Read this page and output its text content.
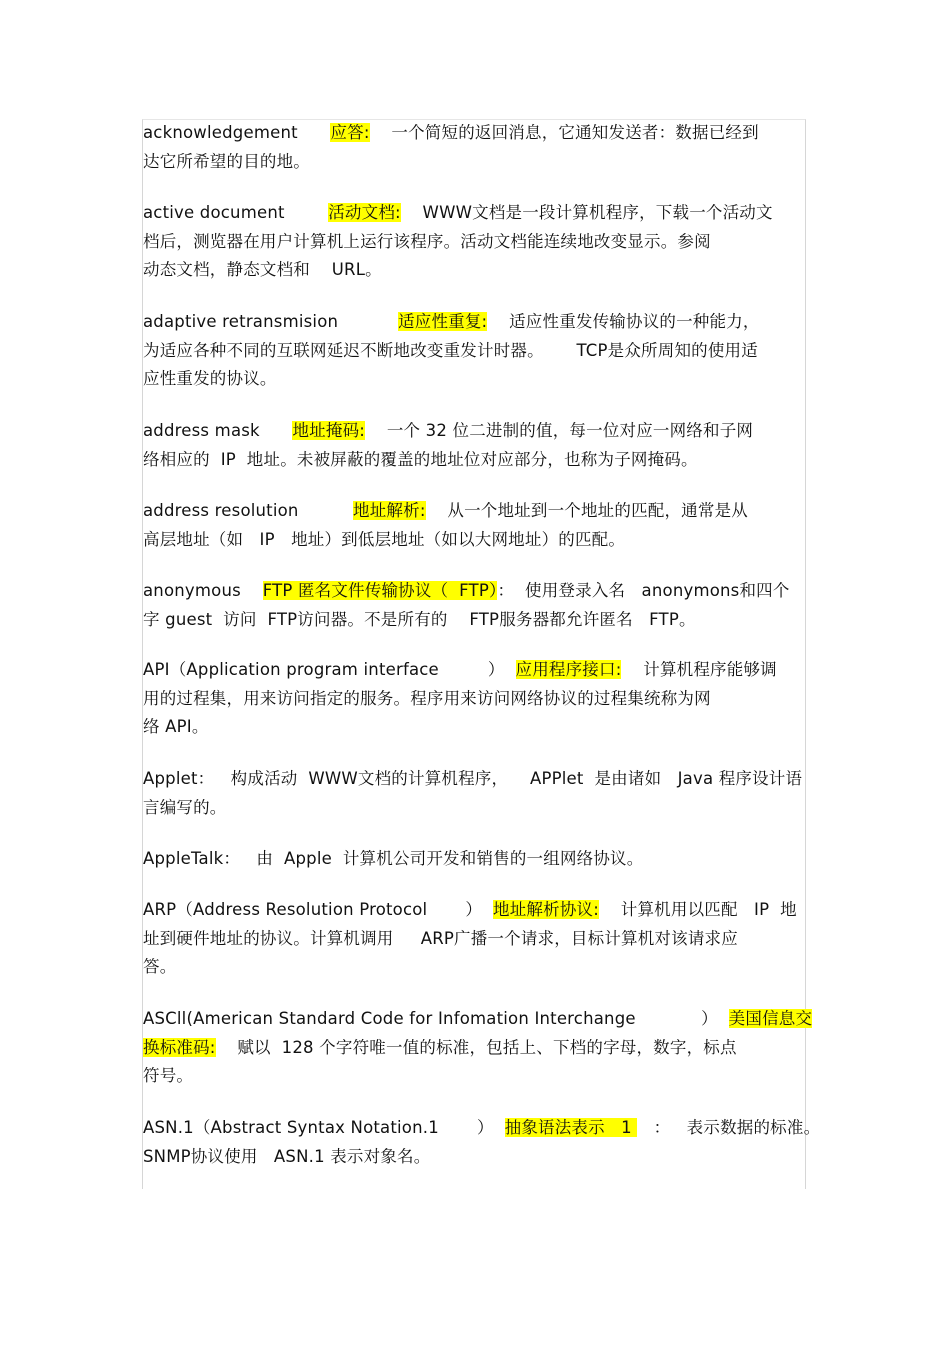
acknowledgement      应答:    一个简短的返回消息，它通知发送者：数据已经到
达它所希望的目的地。
active document        活动文档:    WWW文档是一段计算机程序，下载一个活动文
档后，测览器在用户计算机上运行该程序。活动文档能连续地改变显示。参阅
动态文档，静态文档和    URL。
adaptive retransmision           适应性重复:    适应性重发传输协议的一种能力，
为适应各种不同的互联网延迟不断地改变重发计时器。      TCP是众所周知的使用适
应性重发的协议。
address mask      地址掩码:    一个 32 位二进制的值，每一位对应一网络和子网
络相应的  IP  地址。未被屏蔽的覆盖的地址位对应部分，也称为子网掩码。
address resolution          地址解析:    从一个地址到一个地址的匹配，通常是从
高层地址（如   IP   地址）到低层地址（如以大网地址）的匹配。
anonymous    FTP 匿名文件传输协议（  FTP）：  使用登录入名   anonymons和四个
字 guest  访问  FTP访问器。不是所有的    FTP服务器都允许匿名   FTP。
API（Application program interface         ）  应用程序接口:    计算机程序能够调
用的过程集，用来访问指定的服务。程序用来访问网络协议的过程集统称为网
络 API。
Applet：   构成活动  WWW文档的计算机程序，    APPlet  是由诸如   Java 程序设计语
言编写的。
AppleTalk：   由  Apple  计算机公司开发和销售的一组网络协议。
ARP（Address Resolution Protocol       ）  地址解析协议:    计算机用以匹配   IP  地
址到硬件地址的协议。计算机调用     ARP广播一个请求，目标计算机对该请求应
答。
ASCll(American Standard Code for Infomation Interchange            ）  美国信息交
换标准码:    赋以  128 个字符唯一值的标准，包括上、下档的字母，数字，标点
符号。
ASN.1（Abstract Syntax Notation.1       ）  抽象语法表示   1    ：   表示数据的标准。
SNMP协议使用   ASN.1 表示对象名。
